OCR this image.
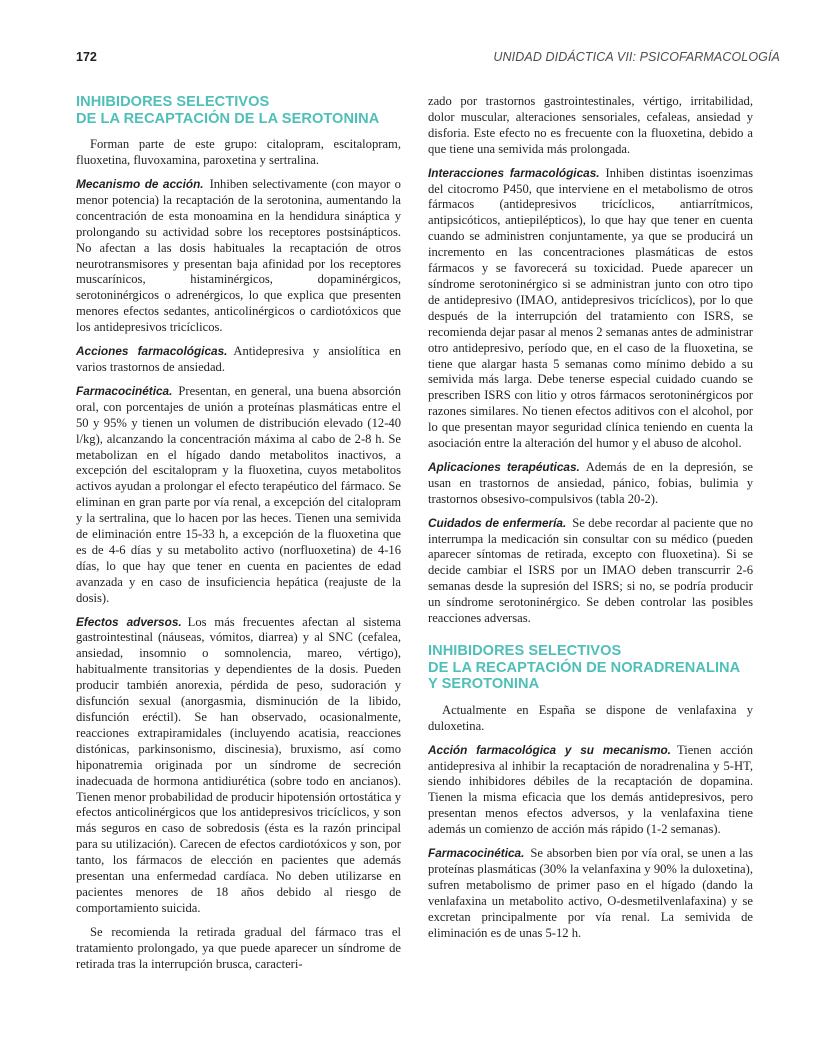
172	UNIDAD DIDÁCTICA VII: PSICOFARMACOLOGÍA
INHIBIDORES SELECTIVOS
DE LA RECAPTACIÓN DE LA SEROTONINA

Forman parte de este grupo: citalopram, escitalopram, fluoxetina, fluvoxamina, paroxetina y sertralina.

Mecanismo de acción. Inhiben selectivamente (con mayor o menor potencia) la recaptación de la serotonina, aumentando la concentración de esta monoamina en la hendidura sináptica y prolongando su actividad sobre los receptores postsinápticos. No afectan a las dosis habituales la recaptación de otros neurotransmisores y presentan baja afinidad por los receptores muscarínicos, histaminérgicos, dopaminérgicos, serotoninérgicos o adrenérgicos, lo que explica que presenten menores efectos sedantes, anticolinérgicos o cardiotóxicos que los antidepresivos tricíclicos.

Acciones farmacológicas. Antidepresiva y ansiolítica en varios trastornos de ansiedad.

Farmacocinética. Presentan, en general, una buena absorción oral, con porcentajes de unión a proteínas plasmáticas entre el 50 y 95% y tienen un volumen de distribución elevado (12-40 l/kg), alcanzando la concentración máxima al cabo de 2-8 h. Se metabolizan en el hígado dando metabolitos inactivos, a excepción del escitalopram y la fluoxetina, cuyos metabolitos activos ayudan a prolongar el efecto terapéutico del fármaco. Se eliminan en gran parte por vía renal, a excepción del citalopram y la sertralina, que lo hacen por las heces. Tienen una semivida de eliminación entre 15-33 h, a excepción de la fluoxetina que es de 4-6 días y su metabolito activo (norfluoxetina) de 4-16 días, lo que hay que tener en cuenta en pacientes de edad avanzada y en caso de insuficiencia hepática (reajuste de la dosis).

Efectos adversos. Los más frecuentes afectan al sistema gastrointestinal (náuseas, vómitos, diarrea) y al SNC (cefalea, ansiedad, insomnio o somnolencia, mareo, vértigo), habitualmente transitorias y dependientes de la dosis. Pueden producir también anorexia, pérdida de peso, sudoración y disfunción sexual (anorgasmia, disminución de la libido, disfunción eréctil). Se han observado, ocasionalmente, reacciones extrapiramidales (incluyendo acatisia, reacciones distónicas, parkinsonismo, discinesia), bruxismo, así como hiponatremia originada por un síndrome de secreción inadecuada de hormona antidiurética (sobre todo en ancianos). Tienen menor probabilidad de producir hipotensión ortostática y efectos anticolinérgicos que los antidepresivos tricíclicos, y son más seguros en caso de sobredosis (ésta es la razón principal para su utilización). Carecen de efectos cardiotóxicos y son, por tanto, los fármacos de elección en pacientes que además presentan una enfermedad cardíaca. No deben utilizarse en pacientes menores de 18 años debido al riesgo de comportamiento suicida.

Se recomienda la retirada gradual del fármaco tras el tratamiento prolongado, ya que puede aparecer un síndrome de retirada tras la interrupción brusca, caracteri-

zado por trastornos gastrointestinales, vértigo, irritabilidad, dolor muscular, alteraciones sensoriales, cefaleas, ansiedad y disforia. Este efecto no es frecuente con la fluoxetina, debido a que tiene una semivida más prolongada.

Interacciones farmacológicas. Inhiben distintas isoenzimas del citocromo P450, que interviene en el metabolismo de otros fármacos (antidepresivos tricíclicos, antiarrítmicos, antipsicóticos, antiepilépticos), lo que hay que tener en cuenta cuando se administren conjuntamente, ya que se producirá un incremento en las concentraciones plasmáticas de estos fármacos y se favorecerá su toxicidad. Puede aparecer un síndrome serotoninérgico si se administran junto con otro tipo de antidepresivo (IMAO, antidepresivos tricíclicos), por lo que después de la interrupción del tratamiento con ISRS, se recomienda dejar pasar al menos 2 semanas antes de administrar otro antidepresivo, período que, en el caso de la fluoxetina, se tiene que alargar hasta 5 semanas como mínimo debido a su semivida más larga. Debe tenerse especial cuidado cuando se prescriben ISRS con litio y otros fármacos serotoninérgicos por razones similares. No tienen efectos aditivos con el alcohol, por lo que presentan mayor seguridad clínica teniendo en cuenta la asociación entre la alteración del humor y el abuso de alcohol.

Aplicaciones terapéuticas. Además de en la depresión, se usan en trastornos de ansiedad, pánico, fobias, bulimia y trastornos obsesivo-compulsivos (tabla 20-2).

Cuidados de enfermería. Se debe recordar al paciente que no interrumpa la medicación sin consultar con su médico (pueden aparecer síntomas de retirada, excepto con fluoxetina). Si se decide cambiar el ISRS por un IMAO deben transcurrir 2-6 semanas desde la supresión del ISRS; si no, se podría producir un síndrome serotoninérgico. Se deben controlar las posibles reacciones adversas.

INHIBIDORES SELECTIVOS
DE LA RECAPTACIÓN DE NORADRENALINA
Y SEROTONINA

Actualmente en España se dispone de venlafaxina y duloxetina.

Acción farmacológica y su mecanismo. Tienen acción antidepresiva al inhibir la recaptación de noradrenalina y 5-HT, siendo inhibidores débiles de la recaptación de dopamina. Tienen la misma eficacia que los demás antidepresivos, pero presentan menos efectos adversos, y la venlafaxina tiene además un comienzo de acción más rápido (1-2 semanas).

Farmacocinética. Se absorben bien por vía oral, se unen a las proteínas plasmáticas (30% la velanfaxina y 90% la duloxetina), sufren metabolismo de primer paso en el hígado (dando la venlafaxina un metabolito activo, O-desmetilvenlafaxina) y se excretan principalmente por vía renal. La semivida de eliminación es de unas 5-12 h.
